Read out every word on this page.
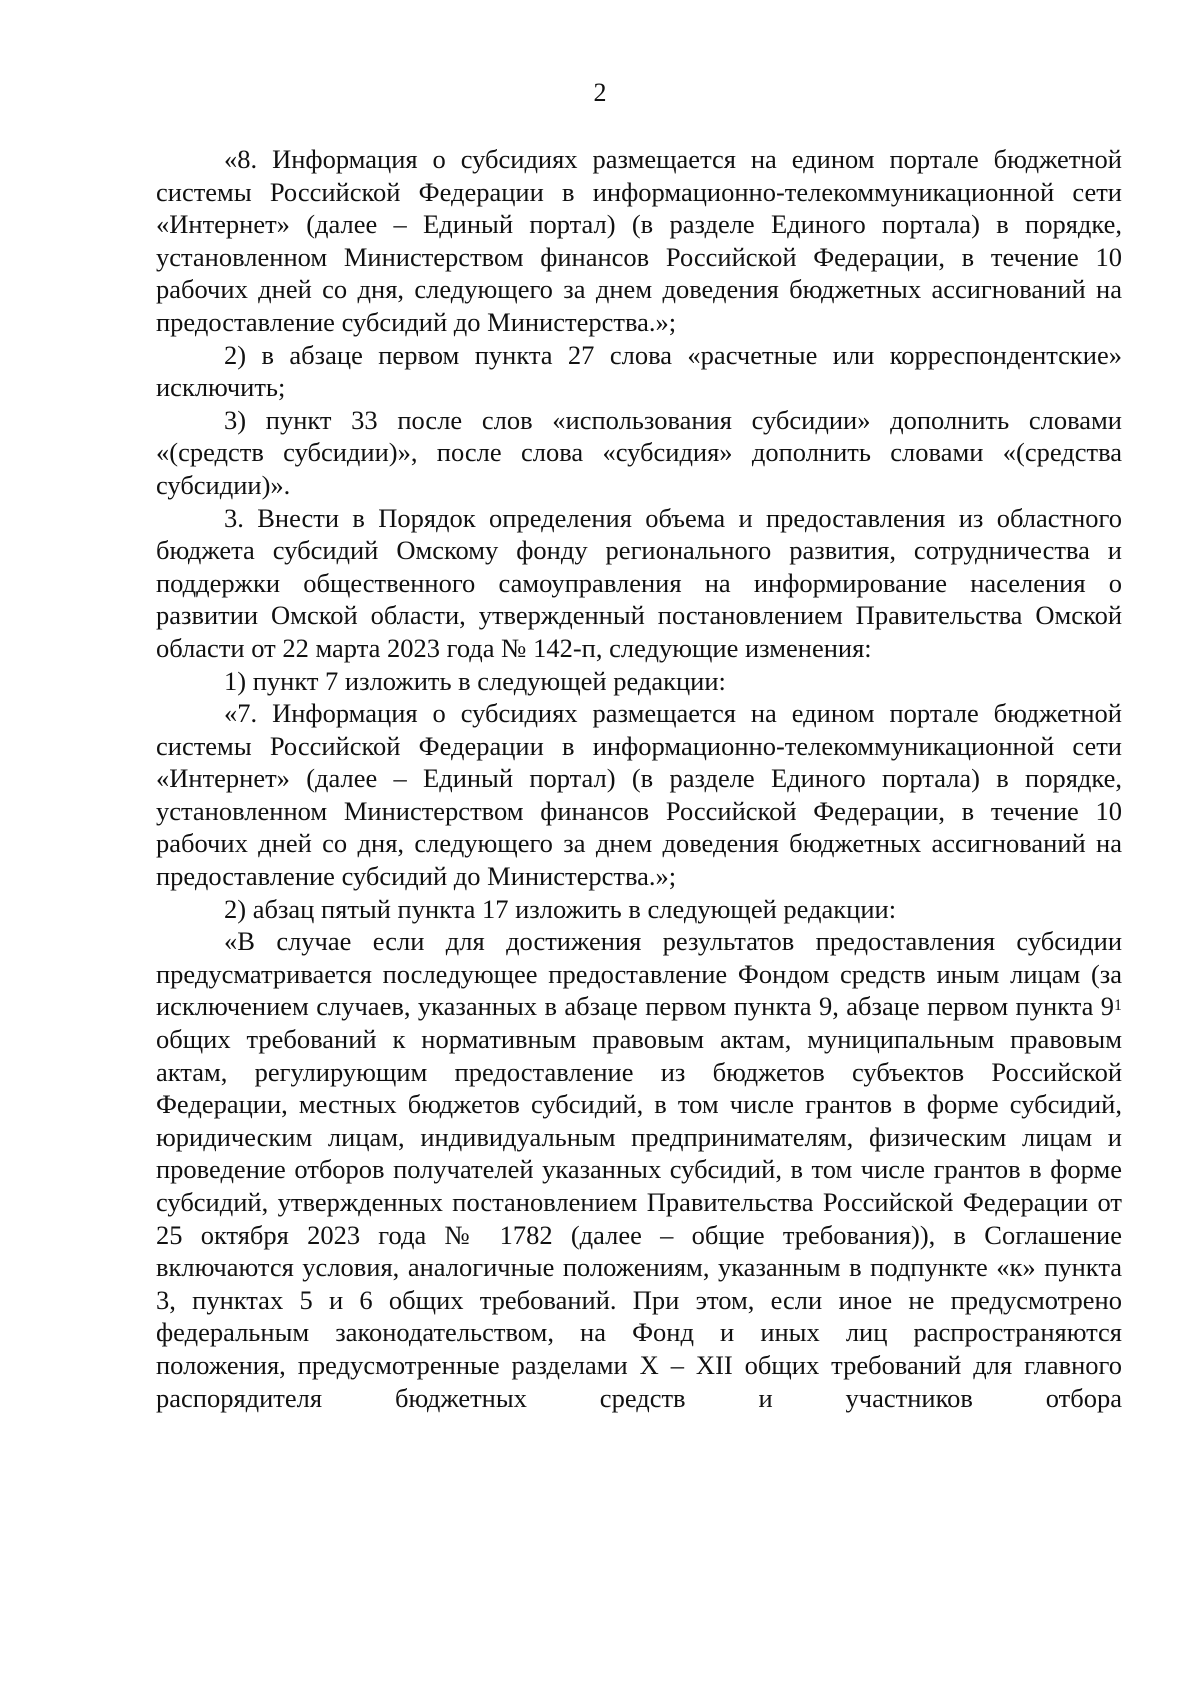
2

«8. Информация о субсидиях размещается на едином портале бюджетной системы Российской Федерации в информационно-телекоммуникационной сети «Интернет» (далее – Единый портал) (в разделе Единого портала) в порядке, установленном Министерством финансов Российской Федерации, в течение 10 рабочих дней со дня, следующего за днем доведения бюджетных ассигнований на предоставление субсидий до Министерства.»;

2) в абзаце первом пункта 27 слова «расчетные или корреспондентские» исключить;

3) пункт 33 после слов «использования субсидии» дополнить словами «(средств субсидии)», после слова «субсидия» дополнить словами «(средства субсидии)».

3. Внести в Порядок определения объема и предоставления из областного бюджета субсидий Омскому фонду регионального развития, сотрудничества и поддержки общественного самоуправления на информирование населения о развитии Омской области, утвержденный постановлением Правительства Омской области от 22 марта 2023 года № 142-п, следующие изменения:

1) пункт 7 изложить в следующей редакции:

«7. Информация о субсидиях размещается на едином портале бюджетной системы Российской Федерации в информационно-телекоммуникационной сети «Интернет» (далее – Единый портал) (в разделе Единого портала) в порядке, установленном Министерством финансов Российской Федерации, в течение 10 рабочих дней со дня, следующего за днем доведения бюджетных ассигнований на предоставление субсидий до Министерства.»;

2) абзац пятый пункта 17 изложить в следующей редакции:

«В случае если для достижения результатов предоставления субсидии предусматривается последующее предоставление Фондом средств иным лицам (за исключением случаев, указанных в абзаце первом пункта 9, абзаце первом пункта $9^1$ общих требований к нормативным правовым актам, муниципальным правовым актам, регулирующим предоставление из бюджетов субъектов Российской Федерации, местных бюджетов субсидий, в том числе грантов в форме субсидий, юридическим лицам, индивидуальным предпринимателям, физическим лицам и проведение отборов получателей указанных субсидий, в том числе грантов в форме субсидий, утвержденных постановлением Правительства Российской Федерации от 25 октября 2023 года № 1782 (далее – общие требования)), в Соглашение включаются условия, аналогичные положениям, указанным в подпункте «к» пункта 3, пунктах 5 и 6 общих требований. При этом, если иное не предусмотрено федеральным законодательством, на Фонд и иных лиц распространяются положения, предусмотренные разделами X – XII общих требований для главного распорядителя бюджетных средств и участников отбора
